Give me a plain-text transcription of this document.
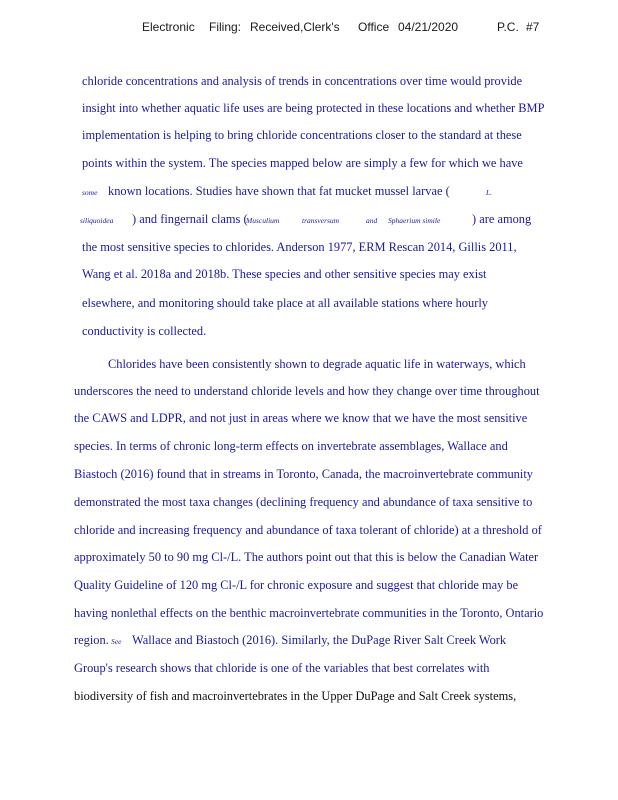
Electronic Filing: Received,Clerk's Office 04/21/2020	P.C. #7
chloride concentrations and analysis of trends in concentrations over time would provide
insight into whether aquatic life uses are being protected in these locations and whether BMP
implementation is helping to bring chloride concentrations closer to the standard at these
points within the system. The species mapped below are simply a few for which we have
some known locations. Studies have shown that fat mucket mussel larvae (	L.
siliquoidea ) and fingernail clams (
Musculium	transversum	and Sphaerium simile	) are among
the most sensitive species to chlorides. Anderson 1977, ERM Rescan 2014, Gillis 2011,
Wang et al. 2018a and 2018b. These species and other sensitive species may exist
elsewhere, and monitoring should take place at all available stations where hourly
conductivity is collected.
Chlorides have been consistently shown to degrade aquatic life in waterways, which
underscores the need to understand chloride levels and how they change over time throughout
the CAWS and LDPR, and not just in areas where we know that we have the most sensitive
species. In terms of chronic long-term effects on invertebrate assemblages, Wallace and
Biastoch (2016) found that in streams in Toronto, Canada, the macroinvertebrate community
demonstrated the most taxa changes (declining frequency and abundance of taxa sensitive to
chloride and increasing frequency and abundance of taxa tolerant of chloride) at a threshold of
approximately 50 to 90 mg Cl-/L. The authors point out that this is below the Canadian Water
Quality Guideline of 120 mg Cl-/L for chronic exposure and suggest that chloride may be
having nonlethal effects on the benthic macroinvertebrate communities in the Toronto, Ontario
region. See Wallace and Biastoch (2016). Similarly, the DuPage River Salt Creek Work
Group's research shows that chloride is one of the variables that best correlates with
biodiversity of fish and macroinvertebrates in the Upper DuPage and Salt Creek systems,
